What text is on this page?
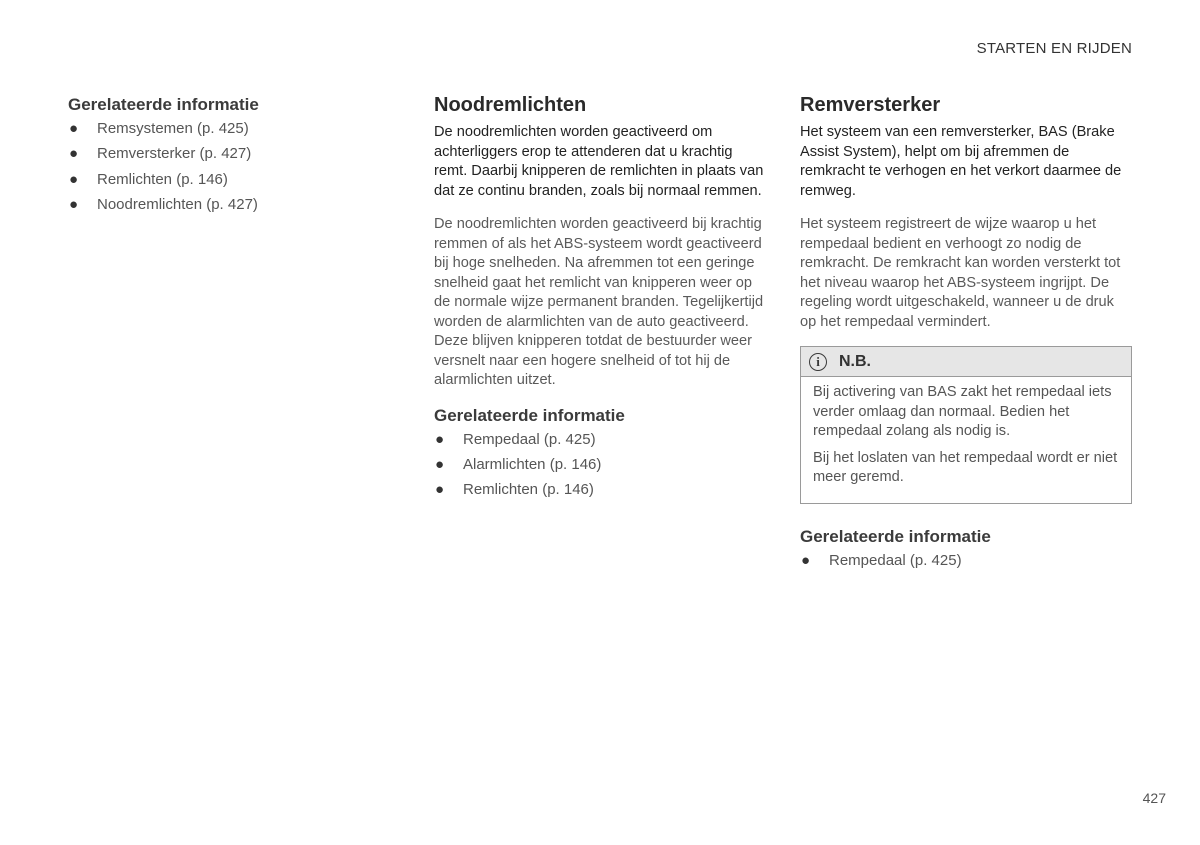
STARTEN EN RIJDEN
Gerelateerde informatie
● Remsystemen (p. 425)
● Remversterker (p. 427)
● Remlichten (p. 146)
● Noodremlichten (p. 427)
Noodremlichten

De noodremlichten worden geactiveerd om achterliggers erop te attenderen dat u krachtig remt. Daarbij knipperen de remlichten in plaats van dat ze continu branden, zoals bij normaal remmen.

De noodremlichten worden geactiveerd bij krachtig remmen of als het ABS-systeem wordt geactiveerd bij hoge snelheden. Na afremmen tot een geringe snelheid gaat het remlicht van knipperen weer op de normale wijze permanent branden. Tegelijkertijd worden de alarmlichten van de auto geactiveerd. Deze blijven knipperen totdat de bestuurder weer versnelt naar een hogere snelheid of tot hij de alarmlichten uitzet.

Gerelateerde informatie
● Rempedaal (p. 425)
● Alarmlichten (p. 146)
● Remlichten (p. 146)
Remversterker

Het systeem van een remversterker, BAS (Brake Assist System), helpt om bij afremmen de remkracht te verhogen en het verkort daarmee de remweg.

Het systeem registreert de wijze waarop u het rempedaal bedient en verhoogt zo nodig de remkracht. De remkracht kan worden versterkt tot het niveau waarop het ABS-systeem ingrijpt. De regeling wordt uitgeschakeld, wanneer u de druk op het rempedaal vermindert.

i	N.B.

Bij activering van BAS zakt het rempedaal iets verder omlaag dan normaal. Bedien het rempedaal zolang als nodig is.

Bij het loslaten van het rempedaal wordt er niet meer geremd.

Gerelateerde informatie
● Rempedaal (p. 425)
427
